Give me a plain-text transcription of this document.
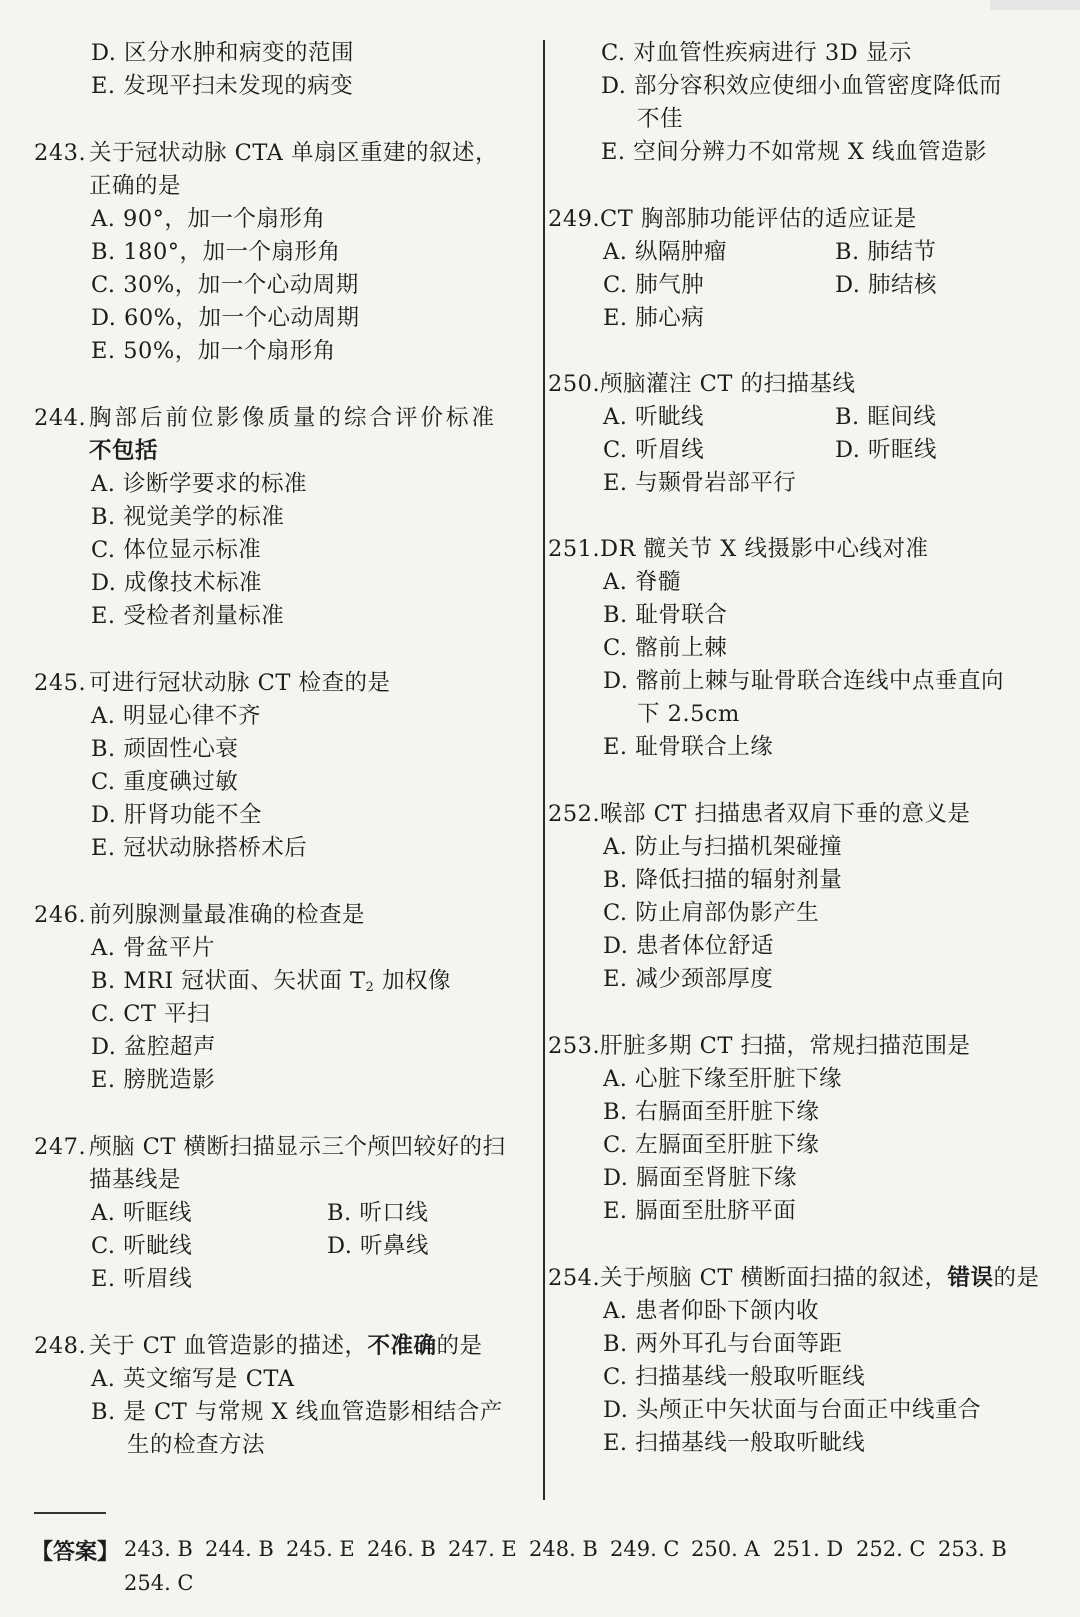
D. 区分水肿和病变的范围
E. 发现平扫未发现的病变
243. 关于冠状动脉 CTA 单扇区重建的叙述，
正确的是
A. 90°，加一个扇形角
B. 180°，加一个扇形角
C. 30%，加一个心动周期
D. 60%，加一个心动周期
E. 50%，加一个扇形角
244. 胸部后前位影像质量的综合评价标准
不包括
A. 诊断学要求的标准
B. 视觉美学的标准
C. 体位显示标准
D. 成像技术标准
E. 受检者剂量标准
245. 可进行冠状动脉 CT 检查的是
A. 明显心律不齐
B. 顽固性心衰
C. 重度碘过敏
D. 肝肾功能不全
E. 冠状动脉搭桥术后
246. 前列腺测量最准确的检查是
A. 骨盆平片
B. MRI 冠状面、矢状面 $T_2$ 加权像
C. CT 平扫
D. 盆腔超声
E. 膀胱造影
247. 颅脑 CT 横断扫描显示三个颅凹较好的扫
描基线是
A. 听眶线	B. 听口线
C. 听眦线	D. 听鼻线
E. 听眉线
248. 关于 CT 血管造影的描述，不准确的是
A. 英文缩写是 CTA
B. 是 CT 与常规 X 线血管造影相结合产
生的检查方法
C. 对血管性疾病进行 3D 显示
D. 部分容积效应使细小血管密度降低而
不佳
E. 空间分辨力不如常规 X 线血管造影
249. CT 胸部肺功能评估的适应证是
A. 纵隔肿瘤	B. 肺结节
C. 肺气肿	D. 肺结核
E. 肺心病
250. 颅脑灌注 CT 的扫描基线
A. 听眦线	B. 眶间线
C. 听眉线	D. 听眶线
E. 与颞骨岩部平行
251. DR 髋关节 X 线摄影中心线对准
A. 脊髓
B. 耻骨联合
C. 髂前上棘
D. 髂前上棘与耻骨联合连线中点垂直向
下 2.5cm
E. 耻骨联合上缘
252. 喉部 CT 扫描患者双肩下垂的意义是
A. 防止与扫描机架碰撞
B. 降低扫描的辐射剂量
C. 防止肩部伪影产生
D. 患者体位舒适
E. 减少颈部厚度
253. 肝脏多期 CT 扫描，常规扫描范围是
A. 心脏下缘至肝脏下缘
B. 右膈面至肝脏下缘
C. 左膈面至肝脏下缘
D. 膈面至肾脏下缘
E. 膈面至肚脐平面
254. 关于颅脑 CT 横断面扫描的叙述，错误的是
A. 患者仰卧下颌内收
B. 两外耳孔与台面等距
C. 扫描基线一般取听眶线
D. 头颅正中矢状面与台面正中线重合
E. 扫描基线一般取听眦线
【答案】 243. B 244. B 245. E 246. B 247. E 248. B 249. C 250. A 251. D 252. C 253. B
254. C
